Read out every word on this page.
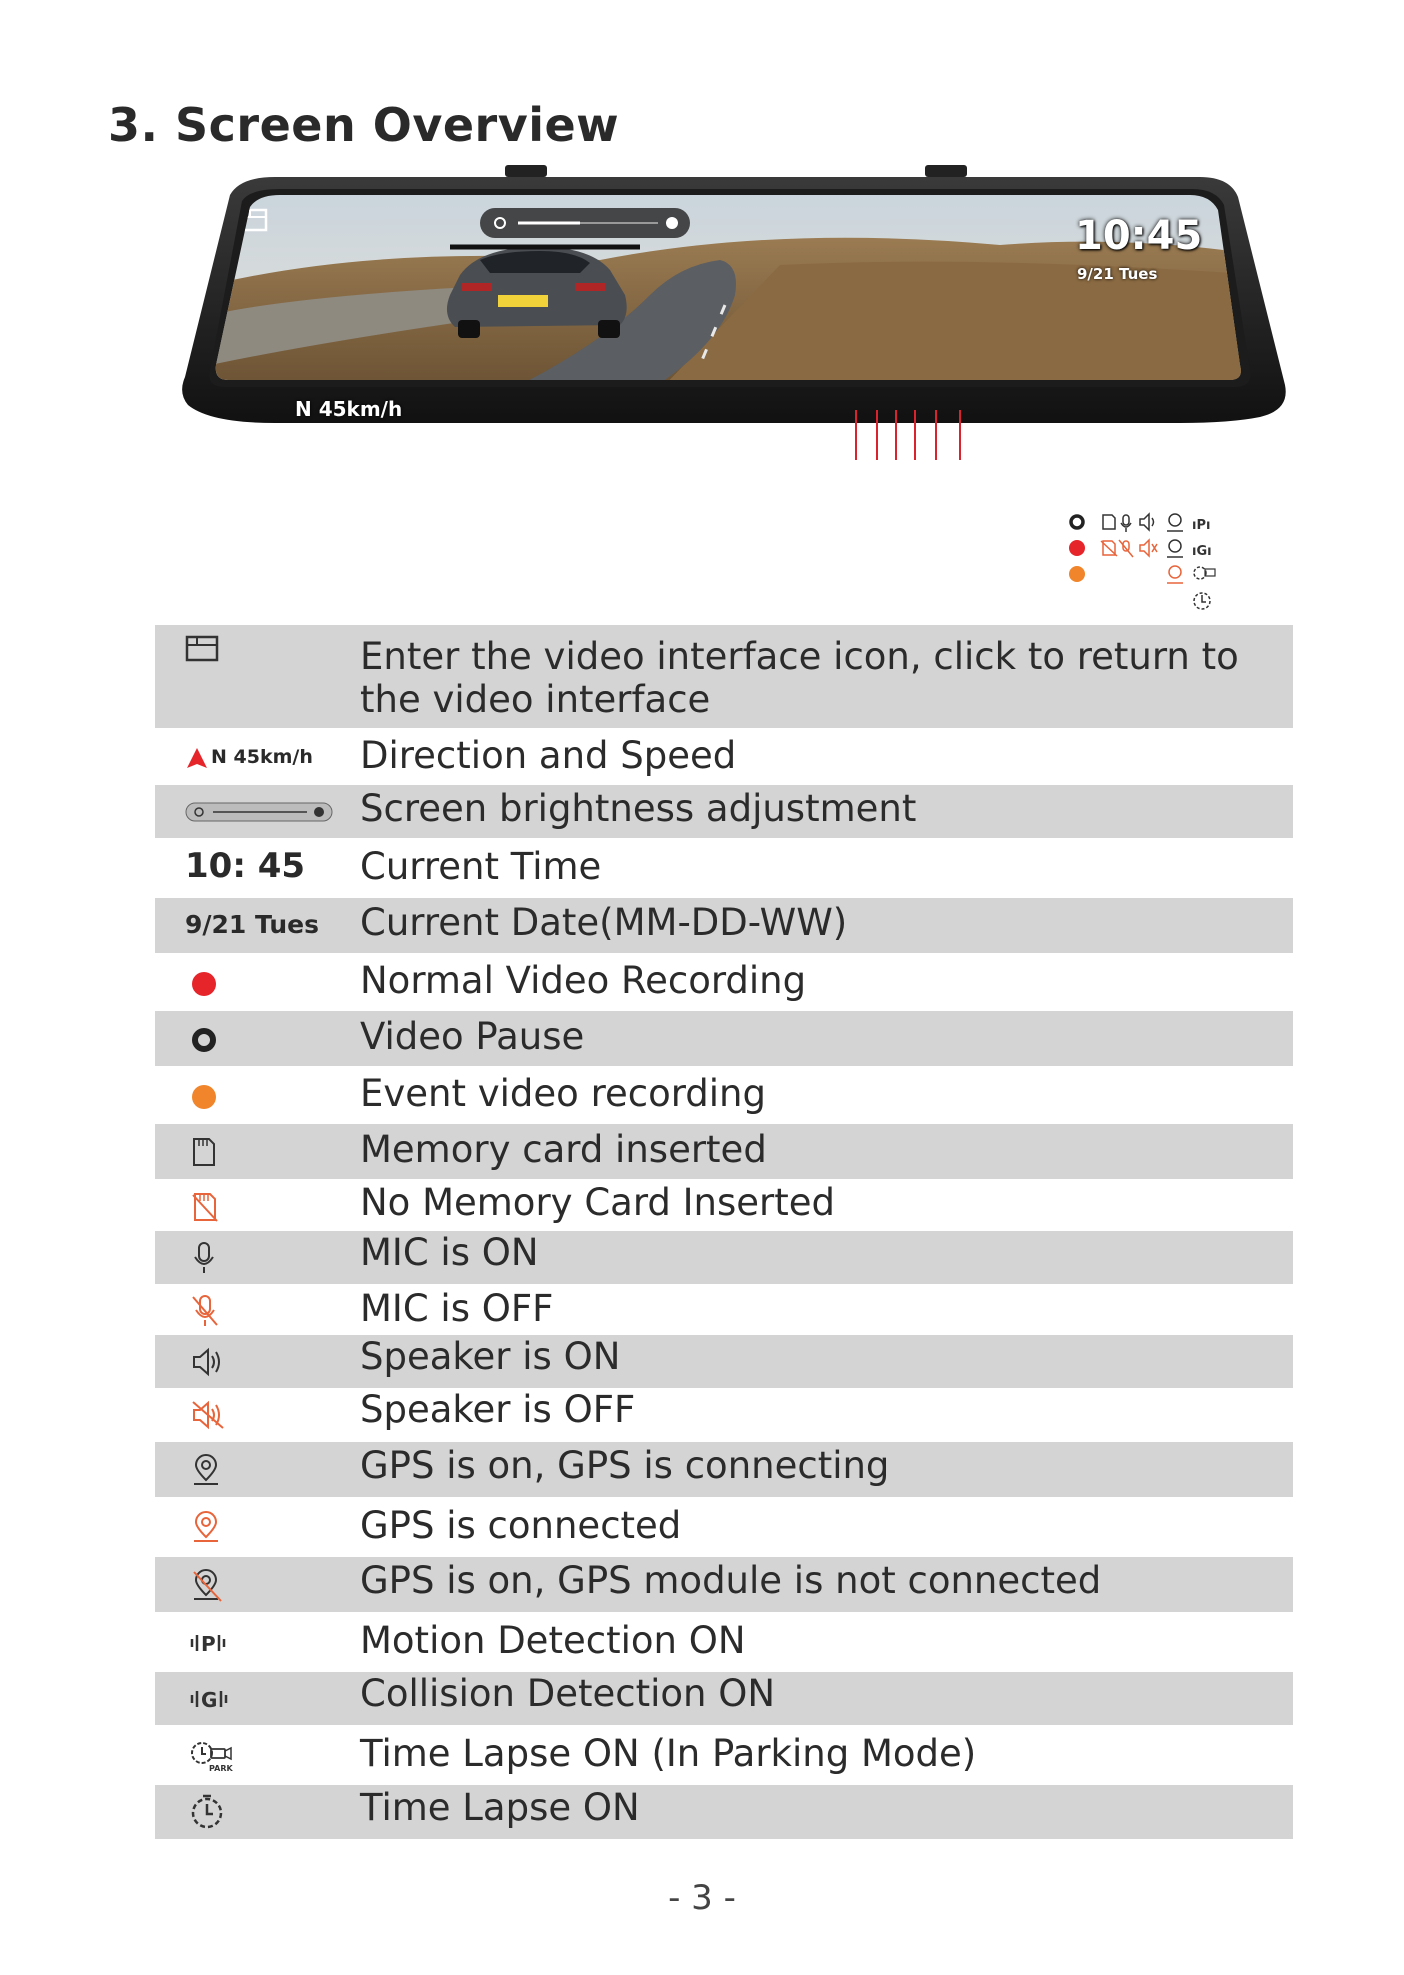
3. Screen Overview
10:45
9/21 Tues
N 45km/h
ıPı
ıGı
Enter the video interface icon, click to return to the video interface
N 45km/h Direction and Speed
Screen brightness adjustment
10: 45 Current Time
9/21 Tues Current Date(MM-DD-WW)
Normal Video Recording
Video Pause
Event video recording
Memory card inserted
No Memory Card Inserted
MIC is ON
MIC is OFF
Speaker is ON
Speaker is OFF
GPS is on, GPS is connecting
GPS is connected
GPS is on, GPS module is not connected
P	Motion Detection ON
G	Collision Detection ON
PARK	Time Lapse ON (In Parking Mode)
Time Lapse ON
- 3 -
